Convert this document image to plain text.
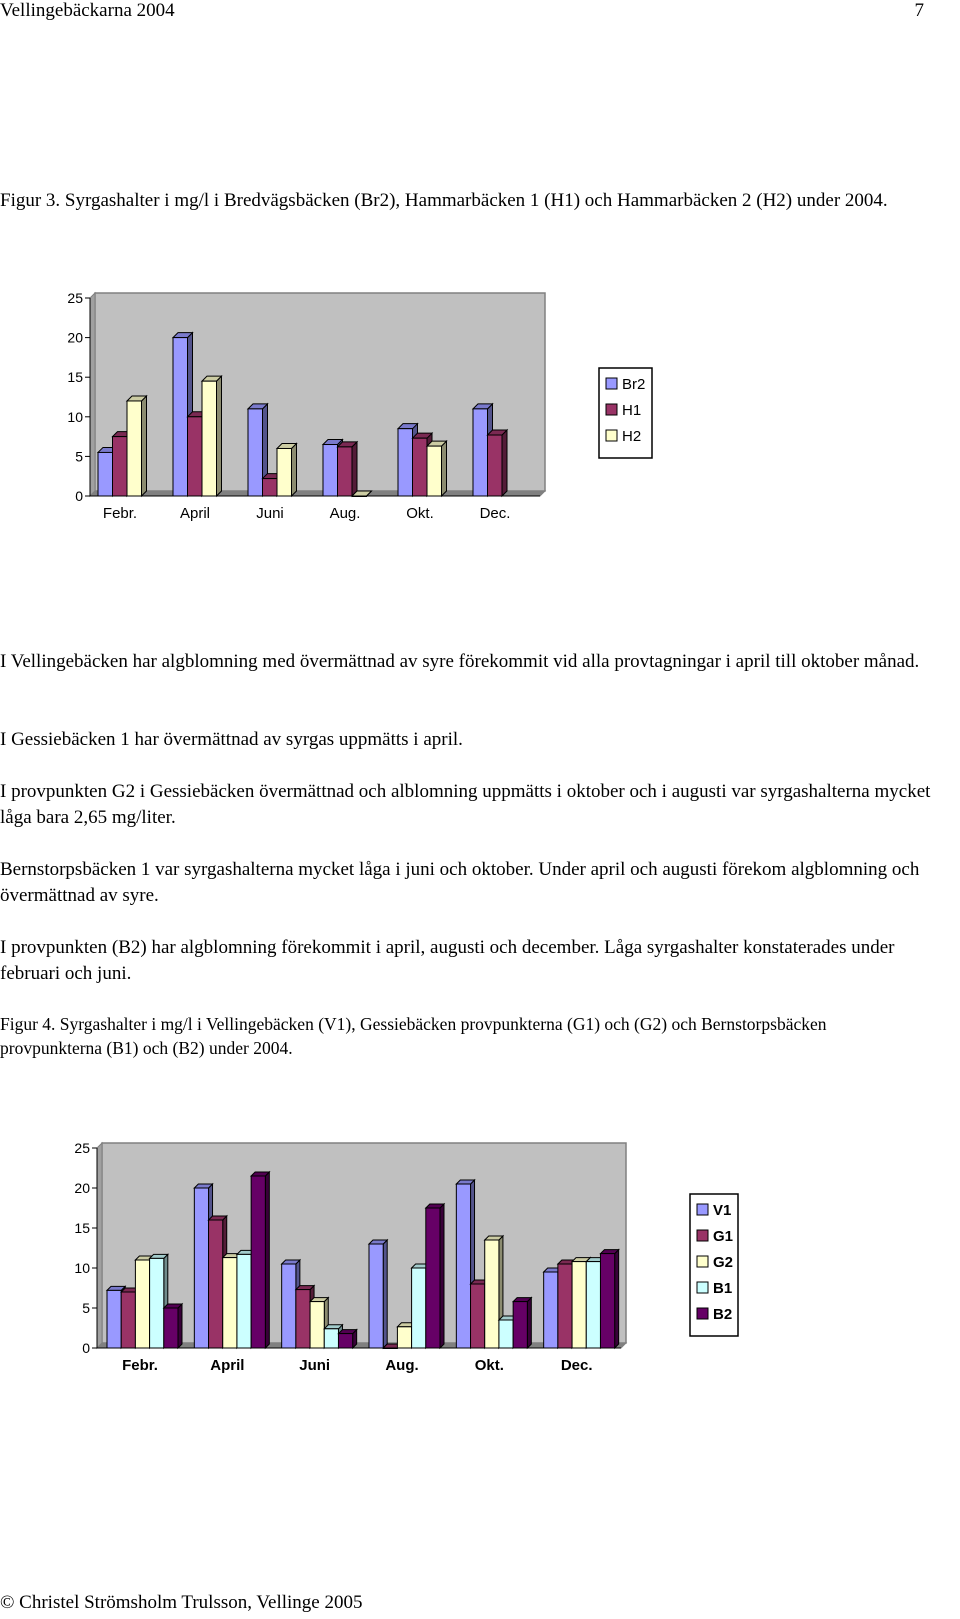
Vellingebäckarna 2004	7

Figur 3. Syrgashalter i mg/l i Bredvägsbäcken (Br2), Hammarbäcken 1 (H1) och Hammarbäcken 2 (H2) under 2004.

0
5
10
15
20
25
Febr.	April	Juni	Aug.	Okt.	Dec.
Br2
H1
H2

I Vellingebäcken har algblomning med övermättnad av syre förekommit vid alla provtagningar i april till oktober månad.

I Gessiebäcken 1 har övermättnad av syrgas uppmätts i april.

I provpunkten G2 i Gessiebäcken övermättnad och alblomning uppmätts i oktober och i augusti var syrgashalterna mycket låga bara 2,65 mg/liter.

Bernstorpsbäcken 1 var syrgashalterna mycket låga i juni och oktober. Under april och augusti förekom algblomning och övermättnad av syre.

I provpunkten (B2) har algblomning förekommit i april, augusti och december. Låga syrgashalter konstaterades under februari och juni.

Figur 4. Syrgashalter i mg/l i Vellingebäcken (V1), Gessiebäcken provpunkterna (G1) och (G2) och Bernstorpsbäcken provpunkterna (B1) och (B2) under 2004.

0
5
10
15
20
25
Febr.	April	Juni	Aug.	Okt.	Dec.
V1
G1
G2
B1
B2
© Christel Strömsholm Trulsson, Vellinge 2005
